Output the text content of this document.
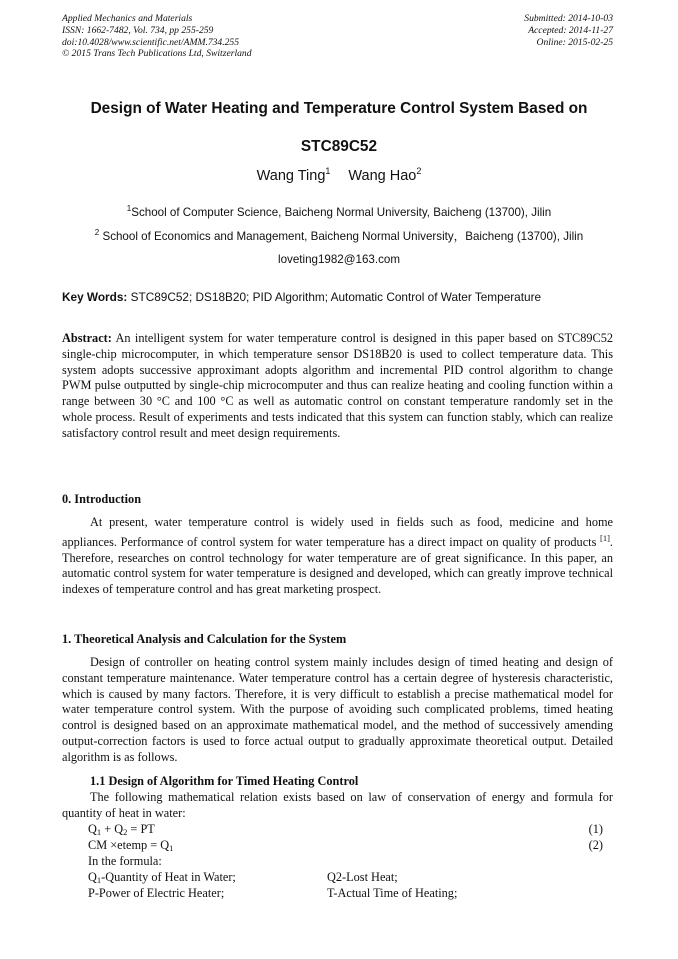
Applied Mechanics and Materials
ISSN: 1662-7482, Vol. 734, pp 255-259
doi:10.4028/www.scientific.net/AMM.734.255
© 2015 Trans Tech Publications Ltd, Switzerland
Submitted: 2014-10-03
Accepted: 2014-11-27
Online: 2015-02-25
Design of Water Heating and Temperature Control System Based on
STC89C52
Wang Ting$^1$ Wang Hao$^2$
$^1$School of Computer Science, Baicheng Normal University, Baicheng (13700), Jilin
$^2$ School of Economics and Management, Baicheng Normal University，Baicheng (13700), Jilin
loveting1982@163.com
Key Words: STC89C52; DS18B20; PID Algorithm; Automatic Control of Water Temperature
Abstract: An intelligent system for water temperature control is designed in this paper based on STC89C52 single-chip microcomputer, in which temperature sensor DS18B20 is used to collect temperature data. This system adopts successive approximant adopts algorithm and incremental PID control algorithm to change PWM pulse outputted by single-chip microcomputer and thus can realize heating and cooling function within a range between 30 °C and 100 °C as well as automatic control on constant temperature randomly set in the whole process. Result of experiments and tests indicated that this system can function stably, which can realize satisfactory control result and meet design requirements.
0. Introduction
At present, water temperature control is widely used in fields such as food, medicine and home appliances. Performance of control system for water temperature has a direct impact on quality of products [1]. Therefore, researches on control technology for water temperature are of great significance. In this paper, an automatic control system for water temperature is designed and developed, which can greatly improve technical indexes of temperature control and has great marketing prospect.
1. Theoretical Analysis and Calculation for the System
Design of controller on heating control system mainly includes design of timed heating and design of constant temperature maintenance. Water temperature control has a certain degree of hysteresis characteristic, which is caused by many factors. Therefore, it is very difficult to establish a precise mathematical model for water temperature control system. With the purpose of avoiding such complicated problems, timed heating control is designed based on an approximate mathematical model, and the method of successively amending output-correction factors is used to force actual output to gradually approximate theoretical output. Detailed algorithm is as follows.
1.1 Design of Algorithm for Timed Heating Control
The following mathematical relation exists based on law of conservation of energy and formula for quantity of heat in water:
$Q_1 + Q_2$ = PT	(1)
CM ×etemp = $Q_1$	(2)
In the formula:
$Q_1$-Quantity of Heat in Water;	Q2-Lost Heat;
P-Power of Electric Heater;	T-Actual Time of Heating;
